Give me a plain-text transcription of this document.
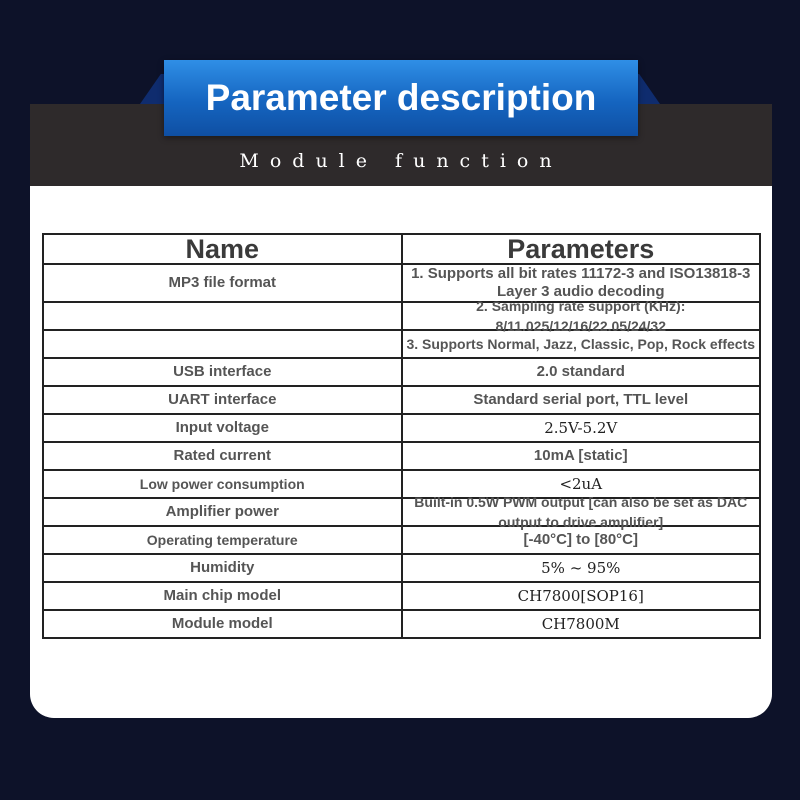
Module function
Parameter description
Name	Parameters
MP3 file format	1. Supports all bit rates 11172-3 and ISO13818-3 Layer 3 audio decoding

	2. Sampling rate support (KHz): 8/11.025/12/16/22.05/24/32

	3. Supports Normal, Jazz, Classic, Pop, Rock effects

USB interface	2.0 standard
UART interface	Standard serial port, TTL level
Input voltage	2.5V-5.2V
Rated current	10mA [static]

Low power consumption	<2uA
Amplifier power	Built-in 0.5W PWM output [can also be set as DAC output to drive amplifier]

Operating temperature	[-40°C] to [80°C]
Humidity	5% ~ 95%
Main chip model	CH7800[SOP16]
Module model	CH7800M
